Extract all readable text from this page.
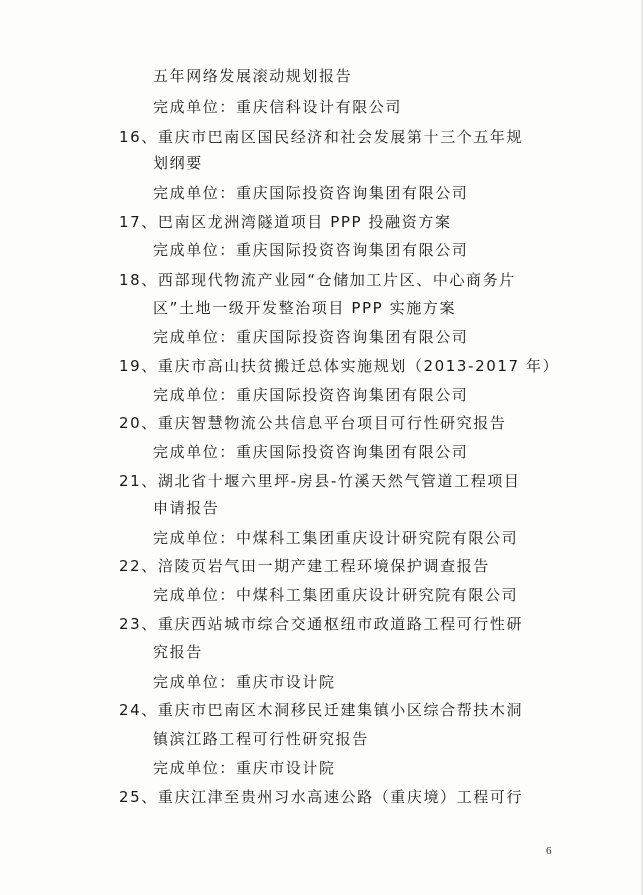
五年网络发展滚动规划报告
完成单位：重庆信科设计有限公司
16、重庆市巴南区国民经济和社会发展第十三个五年规
划纲要
完成单位：重庆国际投资咨询集团有限公司
17、巴南区龙洲湾隧道项目 PPP 投融资方案
完成单位：重庆国际投资咨询集团有限公司
18、西部现代物流产业园“仓储加工片区、中心商务片
区”土地一级开发整治项目 PPP 实施方案
完成单位：重庆国际投资咨询集团有限公司
19、重庆市高山扶贫搬迁总体实施规划（2013-2017 年）
完成单位：重庆国际投资咨询集团有限公司
20、重庆智慧物流公共信息平台项目可行性研究报告
完成单位：重庆国际投资咨询集团有限公司
21、湖北省十堰六里坪-房县-竹溪天然气管道工程项目
申请报告
完成单位：中煤科工集团重庆设计研究院有限公司
22、涪陵页岩气田一期产建工程环境保护调查报告
完成单位：中煤科工集团重庆设计研究院有限公司
23、重庆西站城市综合交通枢纽市政道路工程可行性研
究报告
完成单位：重庆市设计院
24、重庆市巴南区木洞移民迁建集镇小区综合帮扶木洞
镇滨江路工程可行性研究报告
完成单位：重庆市设计院
25、重庆江津至贵州习水高速公路（重庆境）工程可行
6
